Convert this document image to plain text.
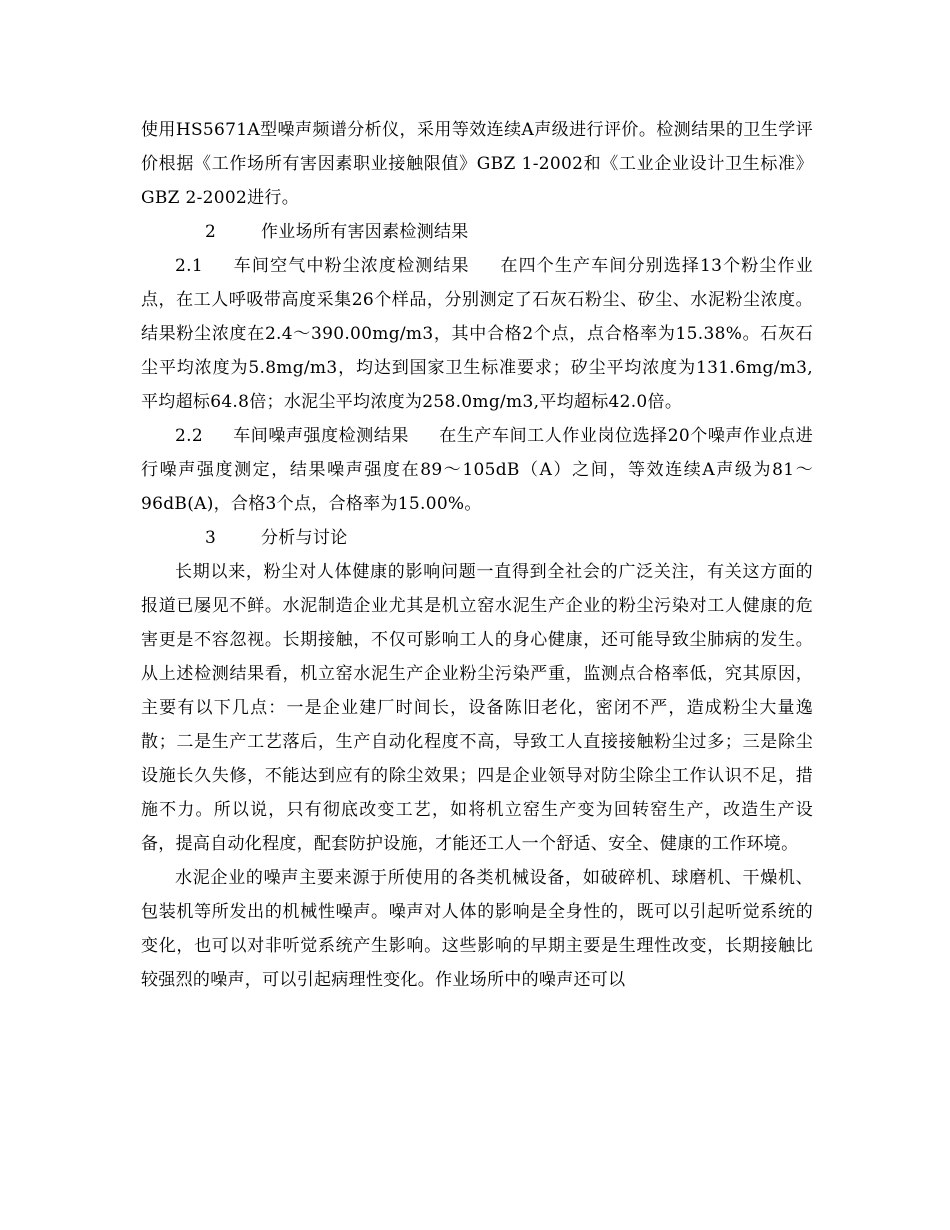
使用HS5671A型噪声频谱分析仪，采用等效连续A声级进行评价。检测结果的卫生学评价根据《工作场所有害因素职业接触限值》GBZ 1-2002和《工业企业设计卫生标准》GBZ 2-2002进行。

2	作业场所有害因素检测结果

2.1 车间空气中粉尘浓度检测结果 在四个生产车间分别选择13个粉尘作业点，在工人呼吸带高度采集26个样品，分别测定了石灰石粉尘、矽尘、水泥粉尘浓度。结果粉尘浓度在2.4～390.00mg/m3，其中合格2个点，点合格率为15.38%。石灰石尘平均浓度为5.8mg/m3，均达到国家卫生标准要求；矽尘平均浓度为131.6mg/m3,平均超标64.8倍；水泥尘平均浓度为258.0mg/m3,平均超标42.0倍。

2.2 车间噪声强度检测结果 在生产车间工人作业岗位选择20个噪声作业点进行噪声强度测定，结果噪声强度在89～105dB（A）之间，等效连续A声级为81～96dB(A)，合格3个点，合格率为15.00%。

3	分析与讨论

长期以来，粉尘对人体健康的影响问题一直得到全社会的广泛关注，有关这方面的报道已屡见不鲜。水泥制造企业尤其是机立窑水泥生产企业的粉尘污染对工人健康的危害更是不容忽视。长期接触，不仅可影响工人的身心健康，还可能导致尘肺病的发生。从上述检测结果看，机立窑水泥生产企业粉尘污染严重，监测点合格率低，究其原因，主要有以下几点：一是企业建厂时间长，设备陈旧老化，密闭不严，造成粉尘大量逸散；二是生产工艺落后，生产自动化程度不高，导致工人直接接触粉尘过多；三是除尘设施长久失修，不能达到应有的除尘效果；四是企业领导对防尘除尘工作认识不足，措施不力。所以说，只有彻底改变工艺，如将机立窑生产变为回转窑生产，改造生产设备，提高自动化程度，配套防护设施，才能还工人一个舒适、安全、健康的工作环境。

水泥企业的噪声主要来源于所使用的各类机械设备，如破碎机、球磨机、干燥机、包装机等所发出的机械性噪声。噪声对人体的影响是全身性的，既可以引起听觉系统的变化，也可以对非听觉系统产生影响。这些影响的早期主要是生理性改变，长期接触比较强烈的噪声，可以引起病理性变化。作业场所中的噪声还可以
